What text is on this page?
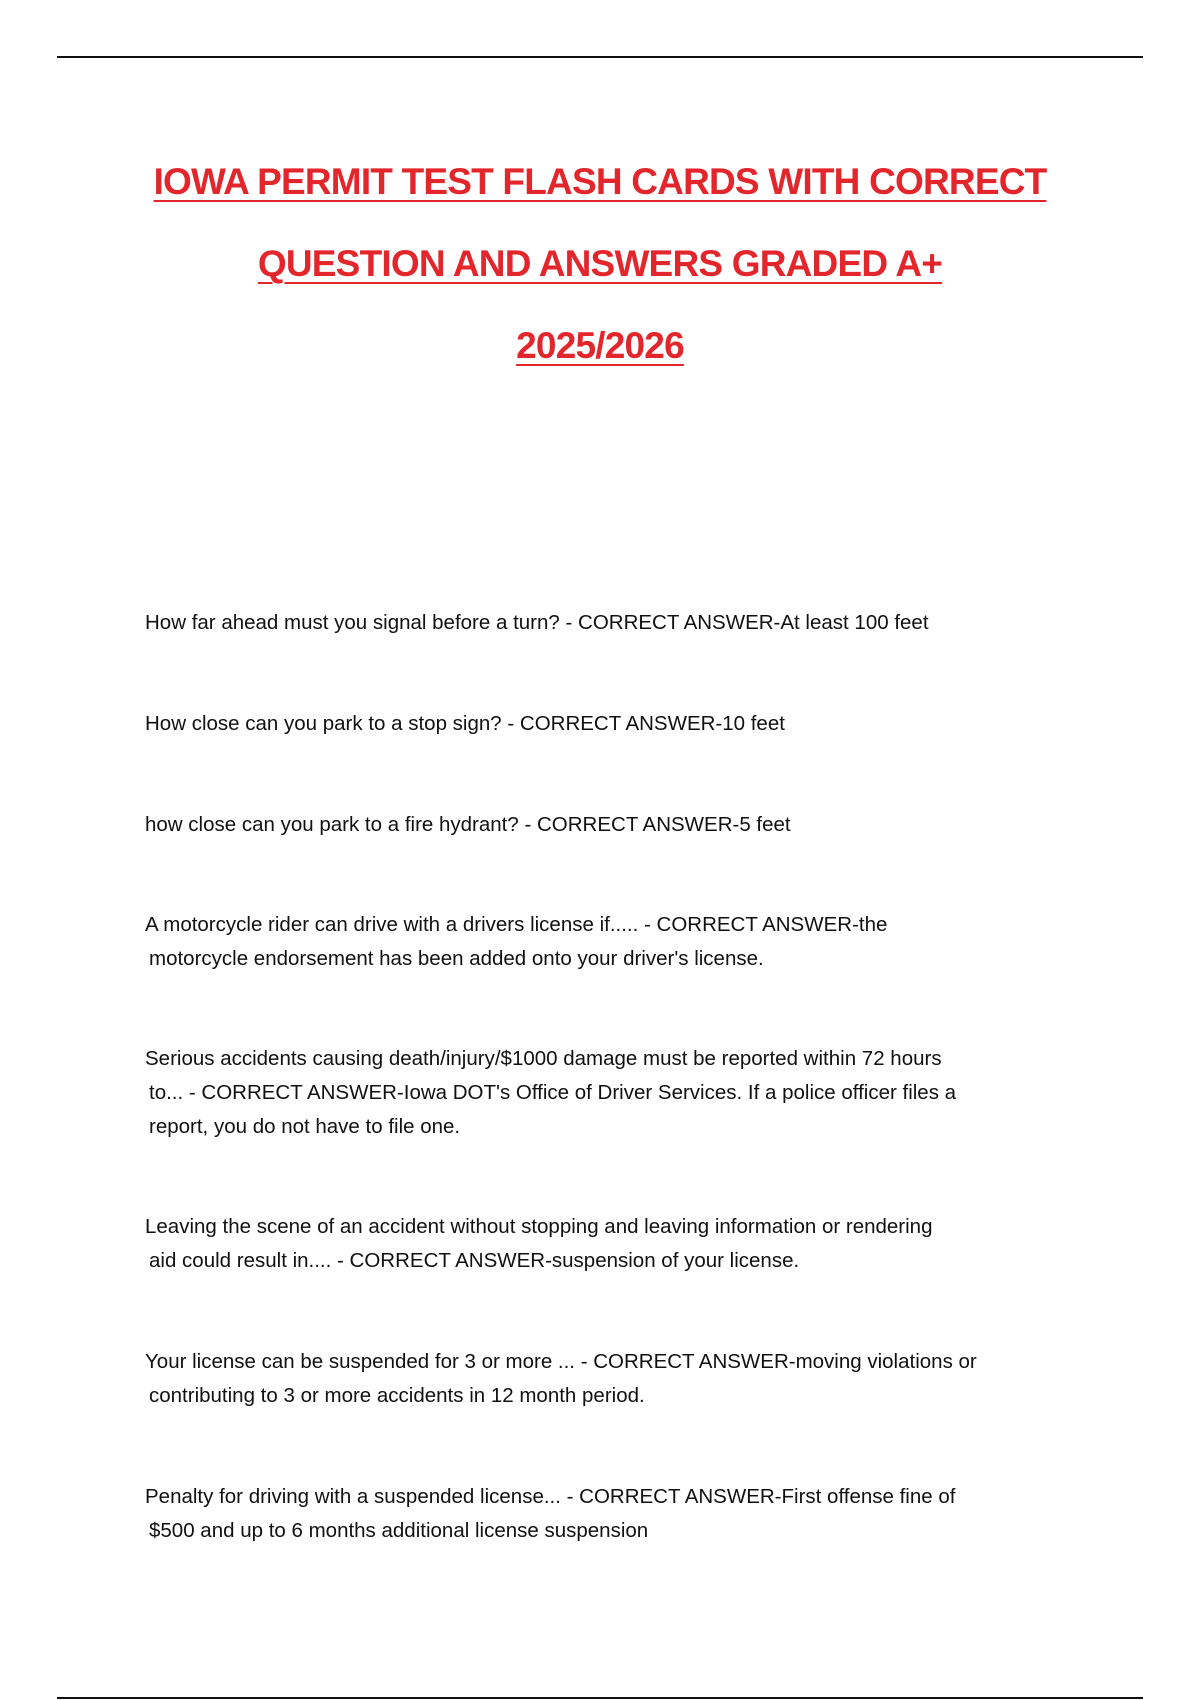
IOWA PERMIT TEST FLASH CARDS WITH CORRECT
QUESTION AND ANSWERS GRADED A+
2025/2026
How far ahead must you signal before a turn? - CORRECT ANSWER-At least 100 feet
How close can you park to a stop sign? - CORRECT ANSWER-10 feet
how close can you park to a fire hydrant? - CORRECT ANSWER-5 feet
A motorcycle rider can drive with a drivers license if..... - CORRECT ANSWER-the
motorcycle endorsement has been added onto your driver's license.
Serious accidents causing death/injury/$1000 damage must be reported within 72 hours
to... - CORRECT ANSWER-Iowa DOT's Office of Driver Services. If a police officer files a
report, you do not have to file one.
Leaving the scene of an accident without stopping and leaving information or rendering
aid could result in.... - CORRECT ANSWER-suspension of your license.
Your license can be suspended for 3 or more ... - CORRECT ANSWER-moving violations or
contributing to 3 or more accidents in 12 month period.
Penalty for driving with a suspended license... - CORRECT ANSWER-First offense fine of
$500 and up to 6 months additional license suspension
